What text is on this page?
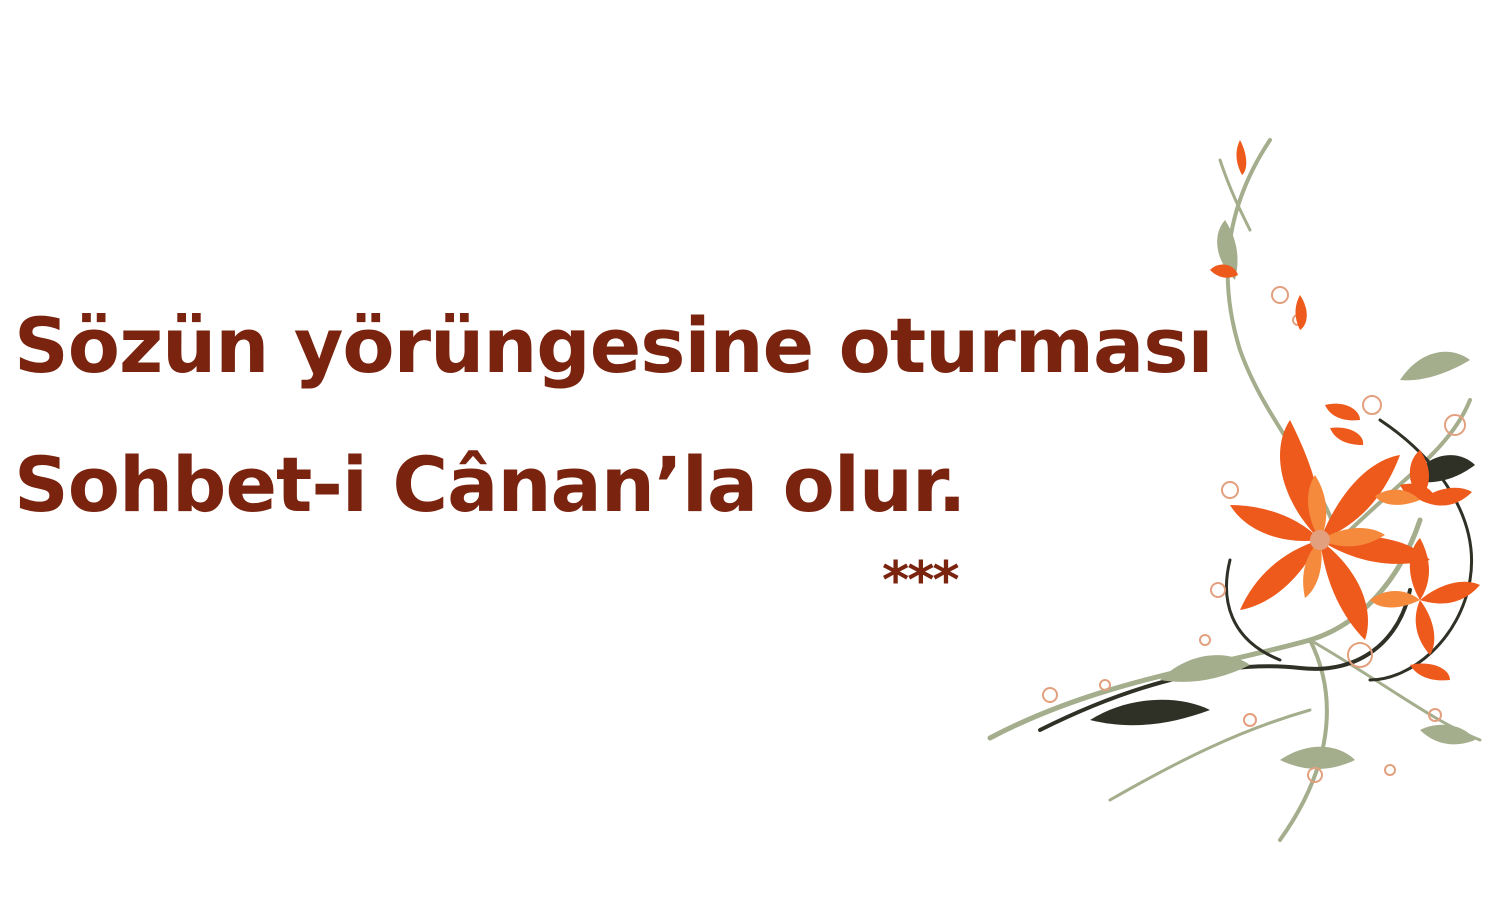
Sözün yörüngesine oturması

Sohbet-i Cânan’la olur.

***
